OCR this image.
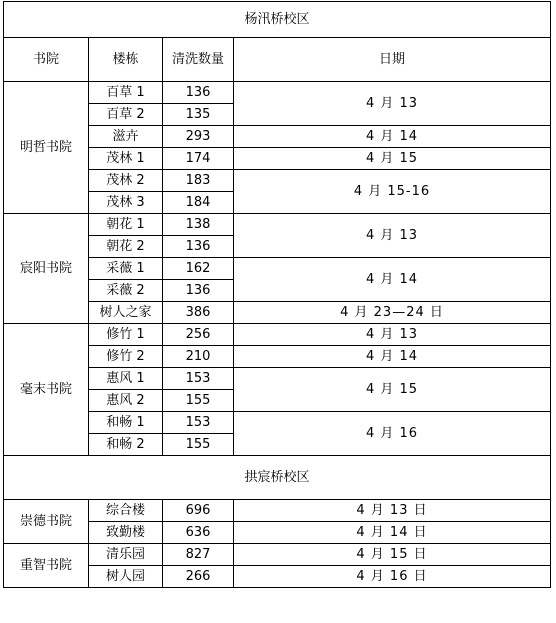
杨汛桥校区			
书院	楼栋	清洗数量	日期
明哲书院	百草 1	136	4 月 13
	百草 2	135	
	滋卉	293	4 月 14
	茂林 1	174	4 月 15
	茂林 2	183	4 月 15-16
	茂林 3	184	
宸阳书院	朝花 1	138	4 月 13
	朝花 2	136	
	采薇 1	162	4 月 14
	采薇 2	136	
	树人之家	386	4 月 23—24 日
毫末书院	修竹 1	256	4 月 13
	修竹 2	210	4 月 14
	惠风 1	153	4 月 15
	惠风 2	155	
	和畅 1	153	4 月 16
	和畅 2	155	
拱宸桥校区			
崇德书院	综合楼	696	4 月 13 日
	致勤楼	636	4 月 14 日
重智书院	清乐园	827	4 月 15 日
	树人园	266	4 月 16 日
